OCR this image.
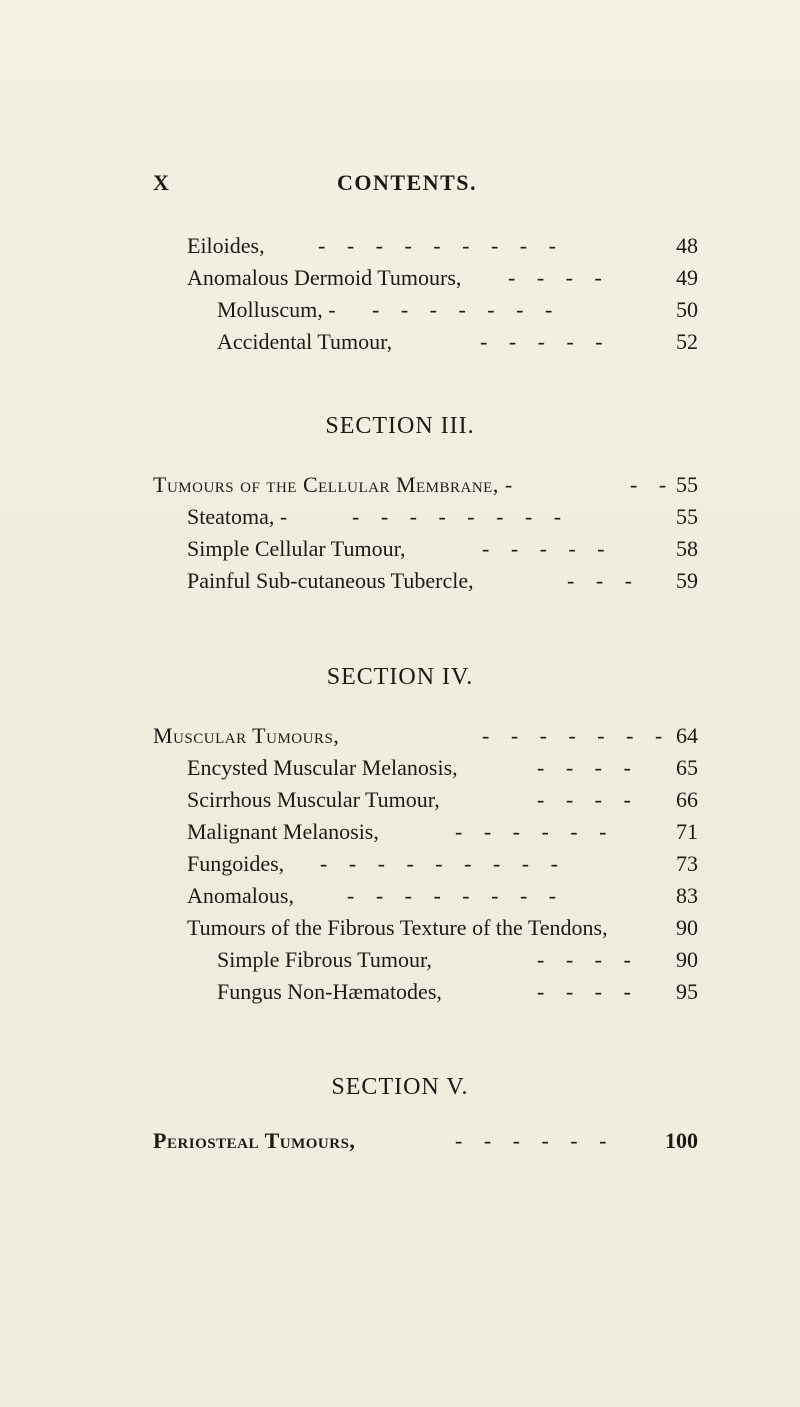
X	CONTENTS.
Eiloides, - - - - - - - - -	48
Anomalous Dermoid Tumours, - - - -	49
Molluscum, - - - - - - - -	50
Accidental Tumour,	- - - - -	52
SECTION III.
Tumours of the Cellular Membrane, -	- - 55
Steatoma, -	- - - - - - - -	55
Simple Cellular Tumour,	- - - - -	58
Painful Sub-cutaneous Tubercle,	- - - 59
SECTION IV.
Muscular Tumours,	- - - - - - - 64
Encysted Muscular Melanosis,	- - - - 65
Scirrhous Muscular Tumour,	- - - - 66
Malignant Melanosis,	- - - - - -	71
Fungoides, - - - - - - - - -	73
Anomalous, - - - - - - - -	83
Tumours of the Fibrous Texture of the Tendons,	90
Simple Fibrous Tumour,	- - - - 90
Fungus Non-Hæmatodes,	- - - - 95
SECTION V.
Periosteal Tumours,	- - - - - - 100
